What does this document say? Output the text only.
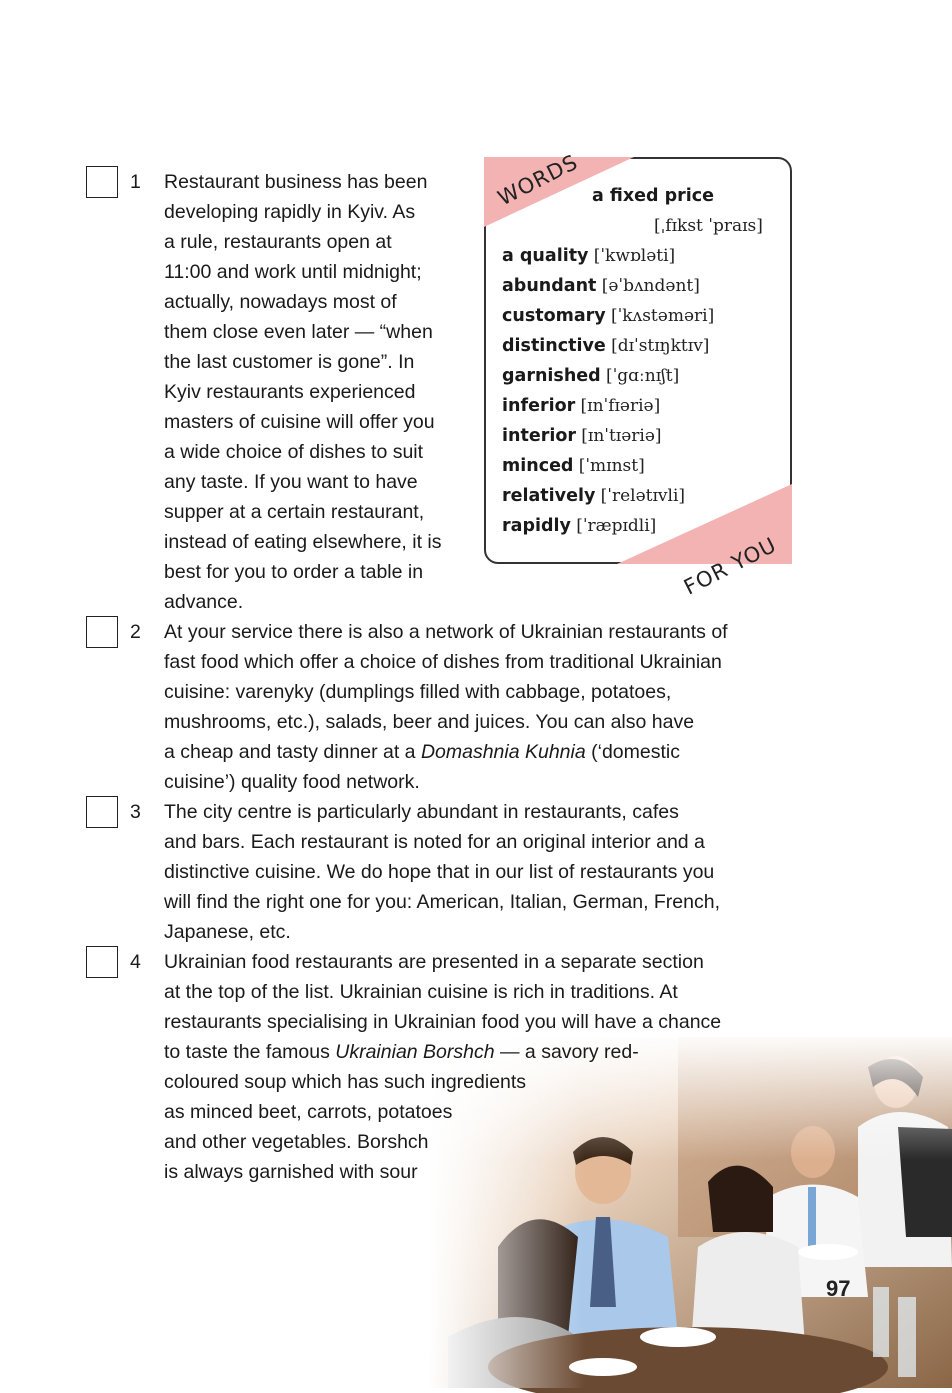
1 Restaurant business has been
developing rapidly in Kyiv. As
a rule, restaurants open at
11:00 and work until midnight;
actually, nowadays most of
them close even later — “when
the last customer is gone”. In
Kyiv restaurants experienced
masters of cuisine will offer you
a wide choice of dishes to suit
any taste. If you want to have
supper at a certain restaurant,
instead of eating elsewhere, it is
best for you to order a table in
advance.
WORDS
FOR YOU
a fixed price
[ˌfɪkst ˈpraɪs]
a quality [ˈkwɒləti]
abundant [əˈbʌndənt]
customary [ˈkʌstəməri]
distinctive [dɪˈstɪŋktɪv]
garnished [ˈgɑːnɪʃt]
inferior [ɪnˈfɪəriə]
interior [ɪnˈtɪəriə]
minced [ˈmɪnst]
relatively [ˈrelətɪvli]
rapidly [ˈræpɪdli]
2 At your service there is also a network of Ukrainian restaurants of
fast food which offer a choice of dishes from traditional Ukrainian
cuisine: varenyky (dumplings filled with cabbage, potatoes,
mushrooms, etc.), salads, beer and juices. You can also have
a cheap and tasty dinner at a Domashnia Kuhnia (‘domestic
cuisine’) quality food network.
3 The city centre is particularly abundant in restaurants, cafes
and bars. Each restaurant is noted for an original interior and a
distinctive cuisine. We do hope that in our list of restaurants you
will find the right one for you: American, Italian, German, French,
Japanese, etc.
4 Ukrainian food restaurants are presented in a separate section
at the top of the list. Ukrainian cuisine is rich in traditions. At
restaurants specialising in Ukrainian food you will have a chance
to taste the famous Ukrainian Borshch — a savory red-
coloured soup which has such ingredients
as minced beet, carrots, potatoes
and other vegetables. Borshch
is always garnished with sour
97
